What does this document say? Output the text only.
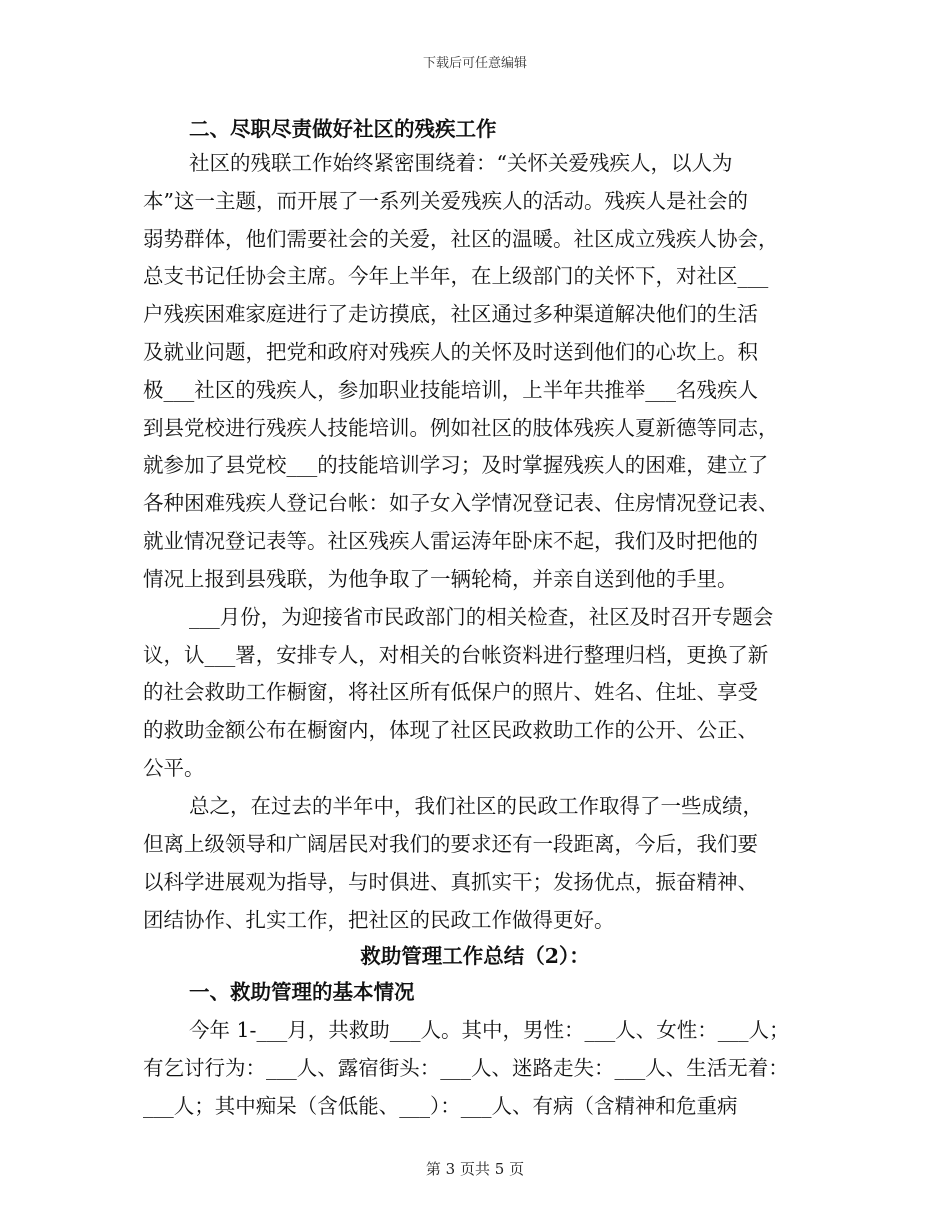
下载后可任意编辑
二、尽职尽责做好社区的残疾工作
社区的残联工作始终紧密围绕着：“关怀关爱残疾人，以人为
本”这一主题，而开展了一系列关爱残疾人的活动。残疾人是社会的
弱势群体，他们需要社会的关爱，社区的温暖。社区成立残疾人协会，
总支书记任协会主席。今年上半年，在上级部门的关怀下，对社区___
户残疾困难家庭进行了走访摸底，社区通过多种渠道解决他们的生活
及就业问题，把党和政府对残疾人的关怀及时送到他们的心坎上。积
极___社区的残疾人，参加职业技能培训，上半年共推举___名残疾人
到县党校进行残疾人技能培训。例如社区的肢体残疾人夏新德等同志，
就参加了县党校___的技能培训学习；及时掌握残疾人的困难，建立了
各种困难残疾人登记台帐：如子女入学情况登记表、住房情况登记表、
就业情况登记表等。社区残疾人雷运涛年卧床不起，我们及时把他的
情况上报到县残联，为他争取了一辆轮椅，并亲自送到他的手里。
___月份，为迎接省市民政部门的相关检查，社区及时召开专题会
议，认___署，安排专人，对相关的台帐资料进行整理归档，更换了新
的社会救助工作橱窗，将社区所有低保户的照片、姓名、住址、享受
的救助金额公布在橱窗内，体现了社区民政救助工作的公开、公正、
公平。
总之，在过去的半年中，我们社区的民政工作取得了一些成绩，
但离上级领导和广阔居民对我们的要求还有一段距离，今后，我们要
以科学进展观为指导，与时俱进、真抓实干；发扬优点，振奋精神、
团结协作、扎实工作，把社区的民政工作做得更好。
救助管理工作总结（2）：
一、救助管理的基本情况
今年 1-___月，共救助___人。其中，男性：___人、女性：___人；
有乞讨行为：___人、露宿街头：___人、迷路走失：___人、生活无着：
___人；其中痴呆（含低能、___）：___人、有病（含精神和危重病
第 3 页共 5 页
